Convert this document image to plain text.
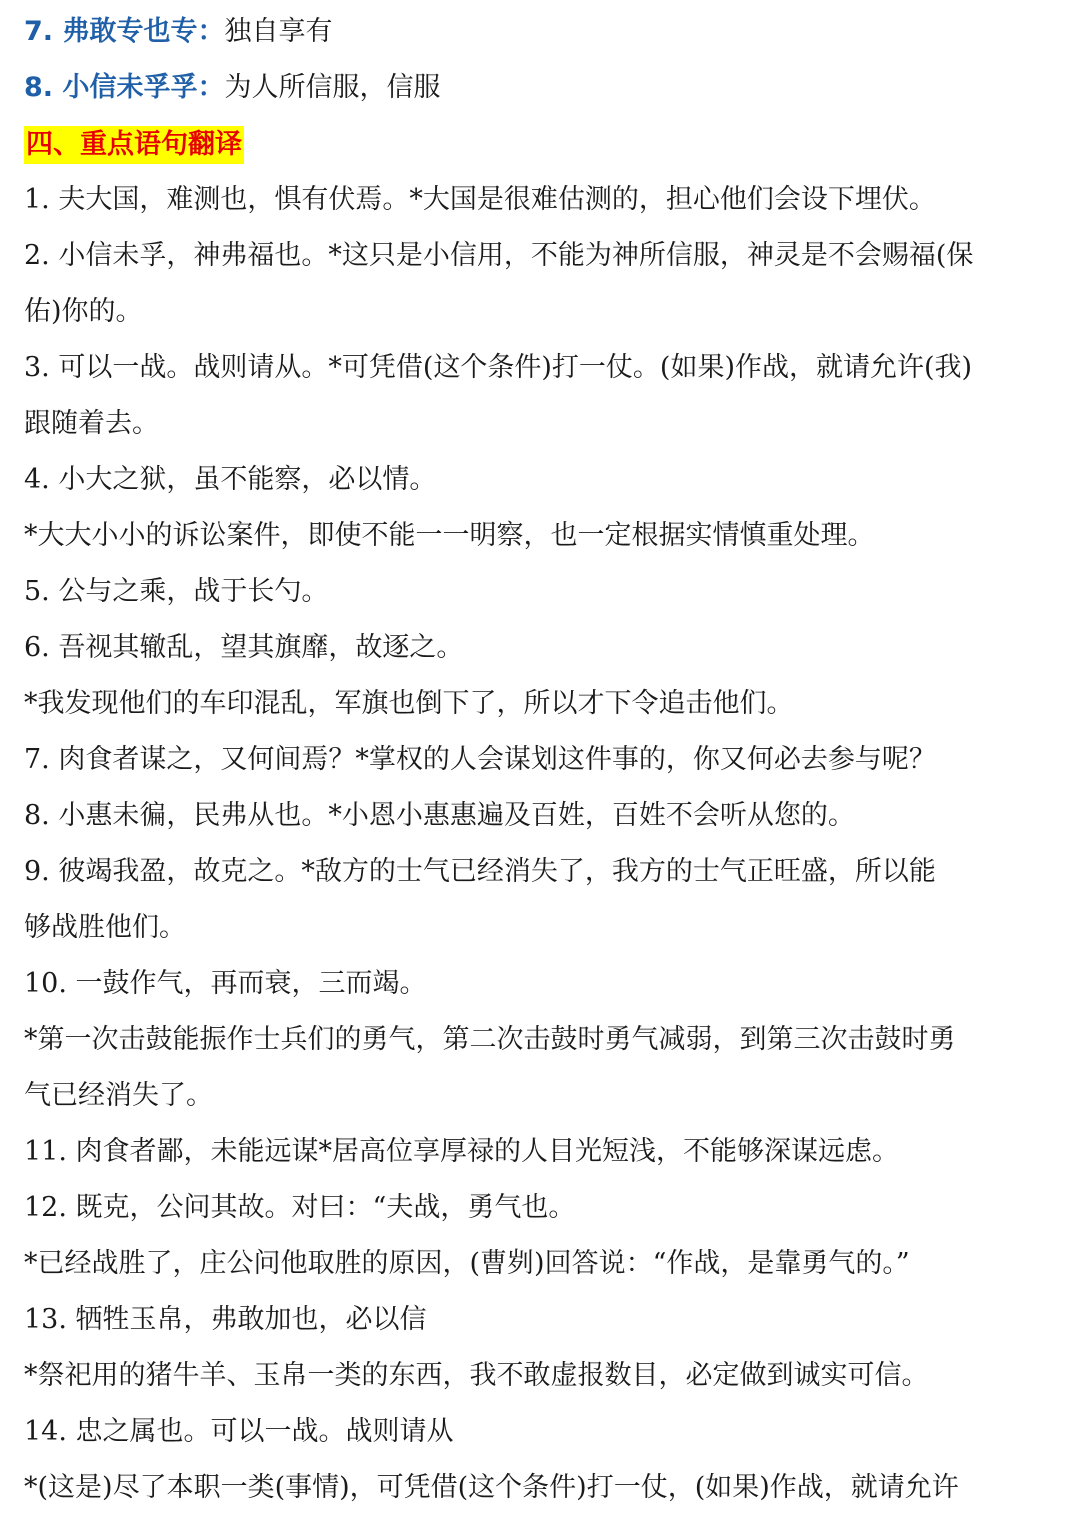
7. 弗敢专也专：独自享有
8. 小信未孚孚：为人所信服，信服
四、重点语句翻译
1. 夫大国，难测也，惧有伏焉。*大国是很难估测的，担心他们会设下埋伏。
2. 小信未孚，神弗福也。*这只是小信用，不能为神所信服，神灵是不会赐福(保
佑)你的。
3. 可以一战。战则请从。*可凭借(这个条件)打一仗。(如果)作战，就请允许(我)
跟随着去。
4. 小大之狱，虽不能察，必以情。
*大大小小的诉讼案件，即使不能一一明察，也一定根据实情慎重处理。
5. 公与之乘，战于长勺。
6. 吾视其辙乱，望其旗靡，故逐之。
*我发现他们的车印混乱，军旗也倒下了，所以才下令追击他们。
7. 肉食者谋之，又何间焉？*掌权的人会谋划这件事的，你又何必去参与呢？
8. 小惠未徧，民弗从也。*小恩小惠惠遍及百姓，百姓不会听从您的。
9. 彼竭我盈，故克之。*敌方的士气已经消失了，我方的士气正旺盛，所以能
够战胜他们。
10. 一鼓作气，再而衰，三而竭。
*第一次击鼓能振作士兵们的勇气，第二次击鼓时勇气减弱，到第三次击鼓时勇
气已经消失了。
11. 肉食者鄙，未能远谋*居高位享厚禄的人目光短浅，不能够深谋远虑。
12. 既克，公问其故。对曰：“夫战，勇气也。
*已经战胜了，庄公问他取胜的原因，(曹刿)回答说：“作战，是靠勇气的。”
13. 牺牲玉帛，弗敢加也，必以信
*祭祀用的猪牛羊、玉帛一类的东西，我不敢虚报数目，必定做到诚实可信。
14. 忠之属也。可以一战。战则请从
*(这是)尽了本职一类(事情)，可凭借(这个条件)打一仗，(如果)作战，就请允许
